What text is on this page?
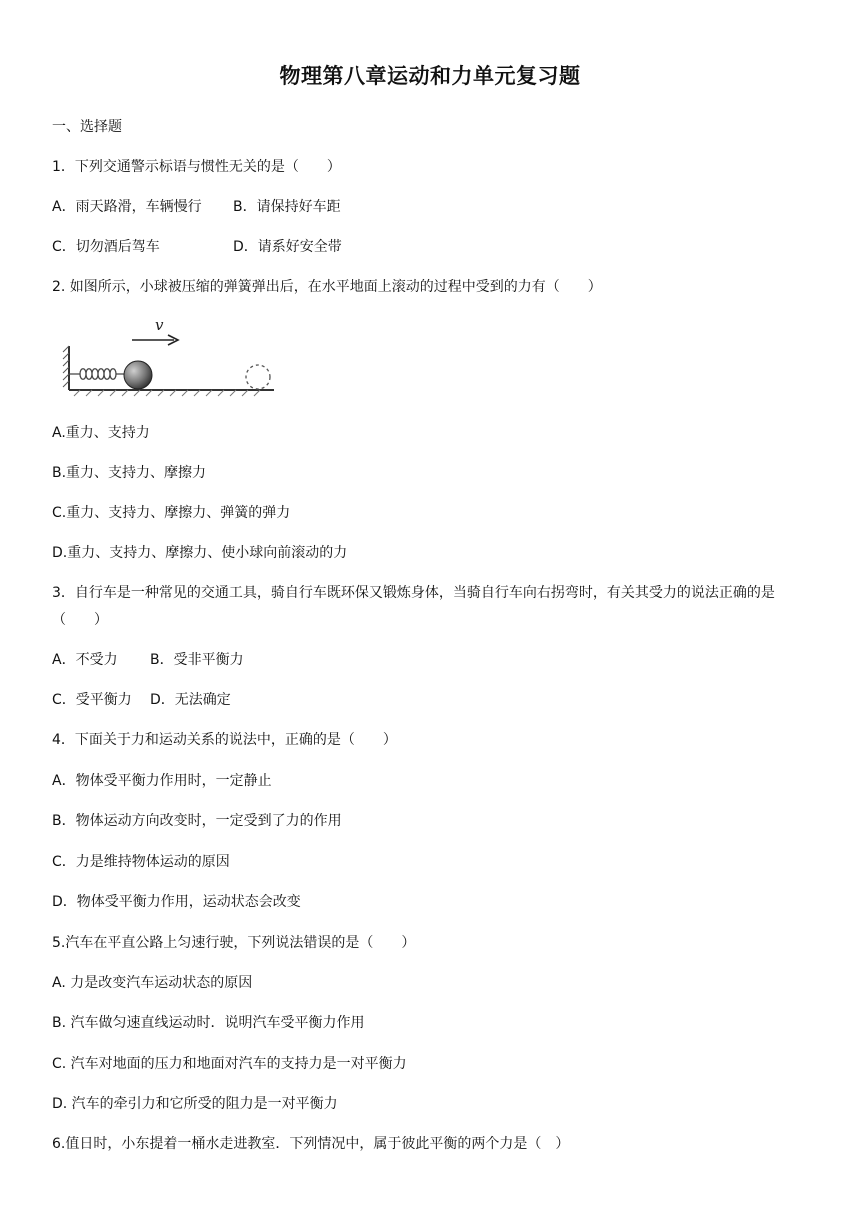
物理第八章运动和力单元复习题
一、选择题
1．下列交通警示标语与惯性无关的是（　　）
A．雨天路滑，车辆慢行 B．请保持好车距
C．切勿酒后驾车	D．请系好安全带
2. 如图所示，小球被压缩的弹簧弹出后，在水平地面上滚动的过程中受到的力有（　　）
v
A.重力、支持力
B.重力、支持力、摩擦力
C.重力、支持力、摩擦力、弹簧的弹力
D.重力、支持力、摩擦力、使小球向前滚动的力
3．自行车是一种常见的交通工具，骑自行车既环保又锻炼身体，当骑自行车向右拐弯时，有关其受力的说法正确的是（　　）
A．不受力 B．受非平衡力
C．受平衡力 D．无法确定
4．下面关于力和运动关系的说法中，正确的是（　　）
A．物体受平衡力作用时，一定静止
B．物体运动方向改变时，一定受到了力的作用
C．力是维持物体运动的原因
D．物体受平衡力作用，运动状态会改变
5.汽车在平直公路上匀速行驶，下列说法错误的是（　　）
A. 力是改变汽车运动状态的原因
B. 汽车做匀速直线运动时．说明汽车受平衡力作用
C. 汽车对地面的压力和地面对汽车的支持力是一对平衡力
D. 汽车的牵引力和它所受的阻力是一对平衡力
6.值日时，小东提着一桶水走进教室．下列情况中，属于彼此平衡的两个力是（　）
